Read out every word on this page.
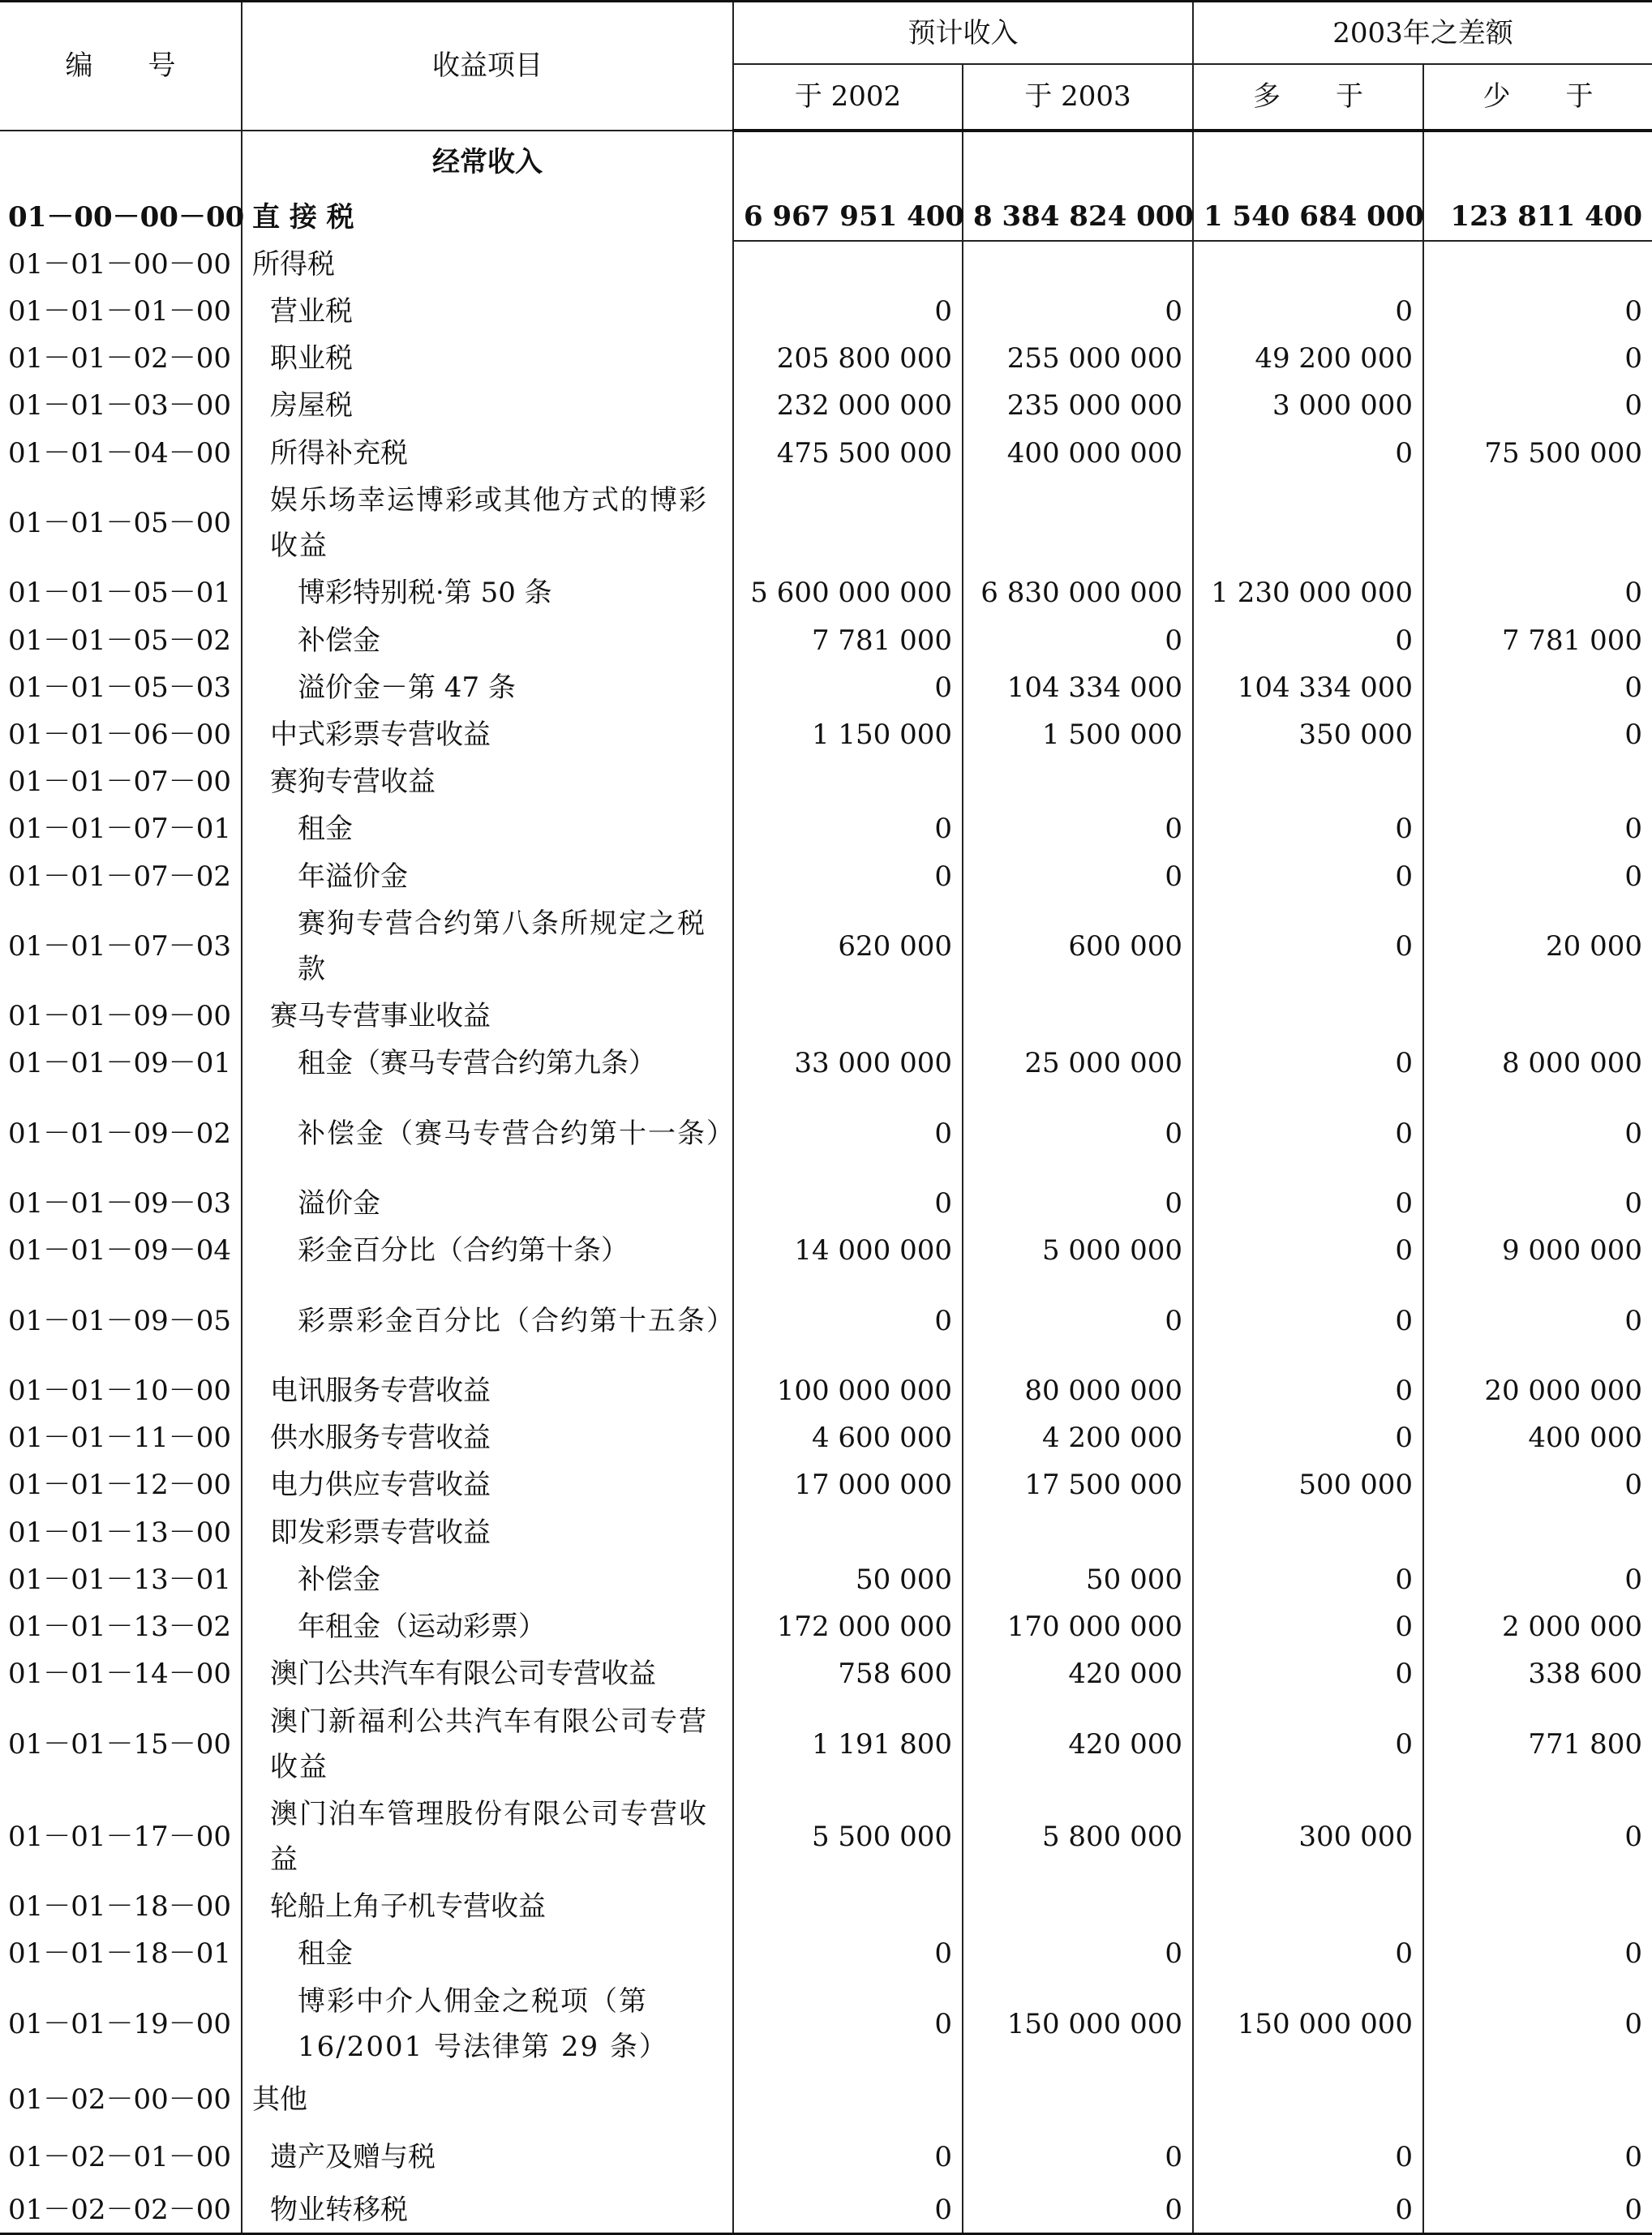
编　　号	收益项目	预计收入		2003年之差额	
		于 2002	于 2003	多　　于	少　　于
	经常收入				
01－00－00－00	直 接 税	6 967 951 400	8 384 824 000	1 540 684 000	123 811 400
01－01－00－00	所得税				
01－01－01－00	营业税	0	0	0	0
01－01－02－00	职业税	205 800 000	255 000 000	49 200 000	0
01－01－03－00	房屋税	232 000 000	235 000 000	3 000 000	0
01－01－04－00	所得补充税	475 500 000	400 000 000	0	75 500 000
01－01－05－00	娱乐场幸运博彩或其他方式的博彩收益				
01－01－05－01	博彩特别税·第 50 条	5 600 000 000	6 830 000 000	1 230 000 000	0
01－01－05－02	补偿金	7 781 000	0	0	7 781 000
01－01－05－03	溢价金－第 47 条	0	104 334 000	104 334 000	0
01－01－06－00	中式彩票专营收益	1 150 000	1 500 000	350 000	0
01－01－07－00	赛狗专营收益				
01－01－07－01	租金	0	0	0	0
01－01－07－02	年溢价金	0	0	0	0
01－01－07－03	赛狗专营合约第八条所规定之税款	620 000	600 000	0	20 000
01－01－09－00	赛马专营事业收益				
01－01－09－01	租金（赛马专营合约第九条）	33 000 000	25 000 000	0	8 000 000
01－01－09－02	补偿金（赛马专营合约第十一条）	0	0	0	0
01－01－09－03	溢价金	0	0	0	0
01－01－09－04	彩金百分比（合约第十条）	14 000 000	5 000 000	0	9 000 000
01－01－09－05	彩票彩金百分比（合约第十五条）	0	0	0	0
01－01－10－00	电讯服务专营收益	100 000 000	80 000 000	0	20 000 000
01－01－11－00	供水服务专营收益	4 600 000	4 200 000	0	400 000
01－01－12－00	电力供应专营收益	17 000 000	17 500 000	500 000	0
01－01－13－00	即发彩票专营收益				
01－01－13－01	补偿金	50 000	50 000	0	0
01－01－13－02	年租金（运动彩票）	172 000 000	170 000 000	0	2 000 000
01－01－14－00	澳门公共汽车有限公司专营收益	758 600	420 000	0	338 600
01－01－15－00	澳门新福利公共汽车有限公司专营收益	1 191 800	420 000	0	771 800
01－01－17－00	澳门泊车管理股份有限公司专营收益	5 500 000	5 800 000	300 000	0
01－01－18－00	轮船上角子机专营收益				
01－01－18－01	租金	0	0	0	0
01－01－19－00	博彩中介人佣金之税项（第 16/2001 号法律第 29 条）	0	150 000 000	150 000 000	0
01－02－00－00	其他				
01－02－01－00	遗产及赠与税	0	0	0	0
01－02－02－00	物业转移税	0	0	0	0
